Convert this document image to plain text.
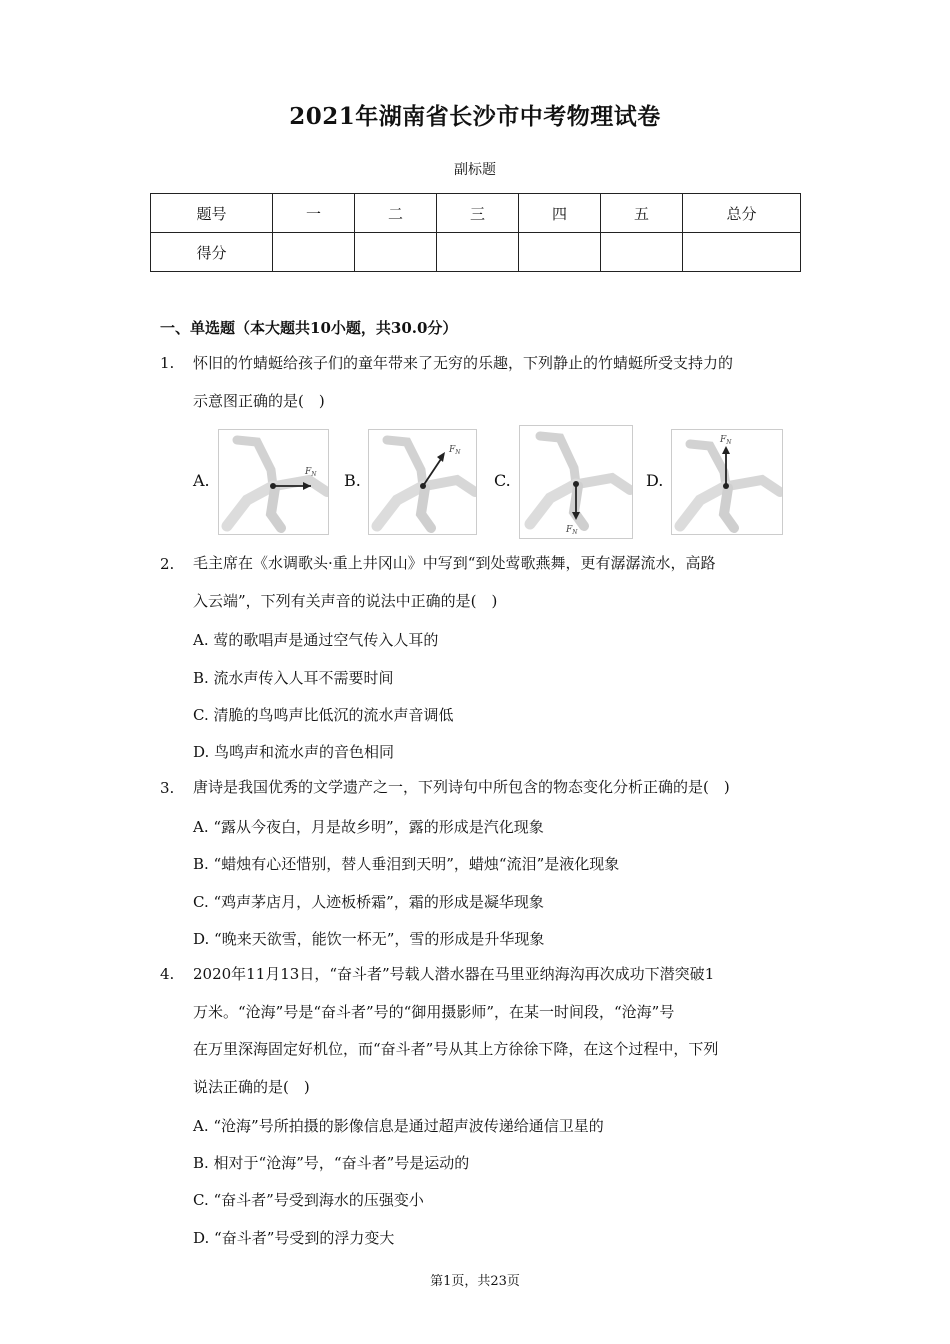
2021年湖南省长沙市中考物理试卷
副标题
题号	一	二	三	四	五	总分
得分						
一、单选题（本大题共10小题，共30.0分）
1. 怀旧的竹蜻蜓给孩子们的童年带来了无穷的乐趣，下列静止的竹蜻蜓所受支持力的
示意图正确的是(　)
A.	$F_N$ B.
$F_N$
C.
$F_N$
D.
$F_N$
2. 毛主席在《水调歌头·重上井冈山》中写到“到处莺歌燕舞，更有潺潺流水，高路
入云端”，下列有关声音的说法中正确的是(　)
A. 莺的歌唱声是通过空气传入人耳的
B. 流水声传入人耳不需要时间
C. 清脆的鸟鸣声比低沉的流水声音调低
D. 鸟鸣声和流水声的音色相同
3. 唐诗是我国优秀的文学遗产之一，下列诗句中所包含的物态变化分析正确的是(　)
A. “露从今夜白，月是故乡明”，露的形成是汽化现象
B. “蜡烛有心还惜别，替人垂泪到天明”，蜡烛“流泪”是液化现象
C. “鸡声茅店月，人迹板桥霜”，霜的形成是凝华现象
D. “晚来天欲雪，能饮一杯无”，雪的形成是升华现象
4. 2020年11月13日，“奋斗者”号载人潜水器在马里亚纳海沟再次成功下潜突破1
万米。“沧海”号是“奋斗者”号的“御用摄影师”，在某一时间段，“沧海”号
在万里深海固定好机位，而“奋斗者”号从其上方徐徐下降，在这个过程中，下列
说法正确的是(　)
A. “沧海”号所拍摄的影像信息是通过超声波传递给通信卫星的
B. 相对于“沧海”号，“奋斗者”号是运动的
C. “奋斗者”号受到海水的压强变小
D. “奋斗者”号受到的浮力变大
第1页，共23页
